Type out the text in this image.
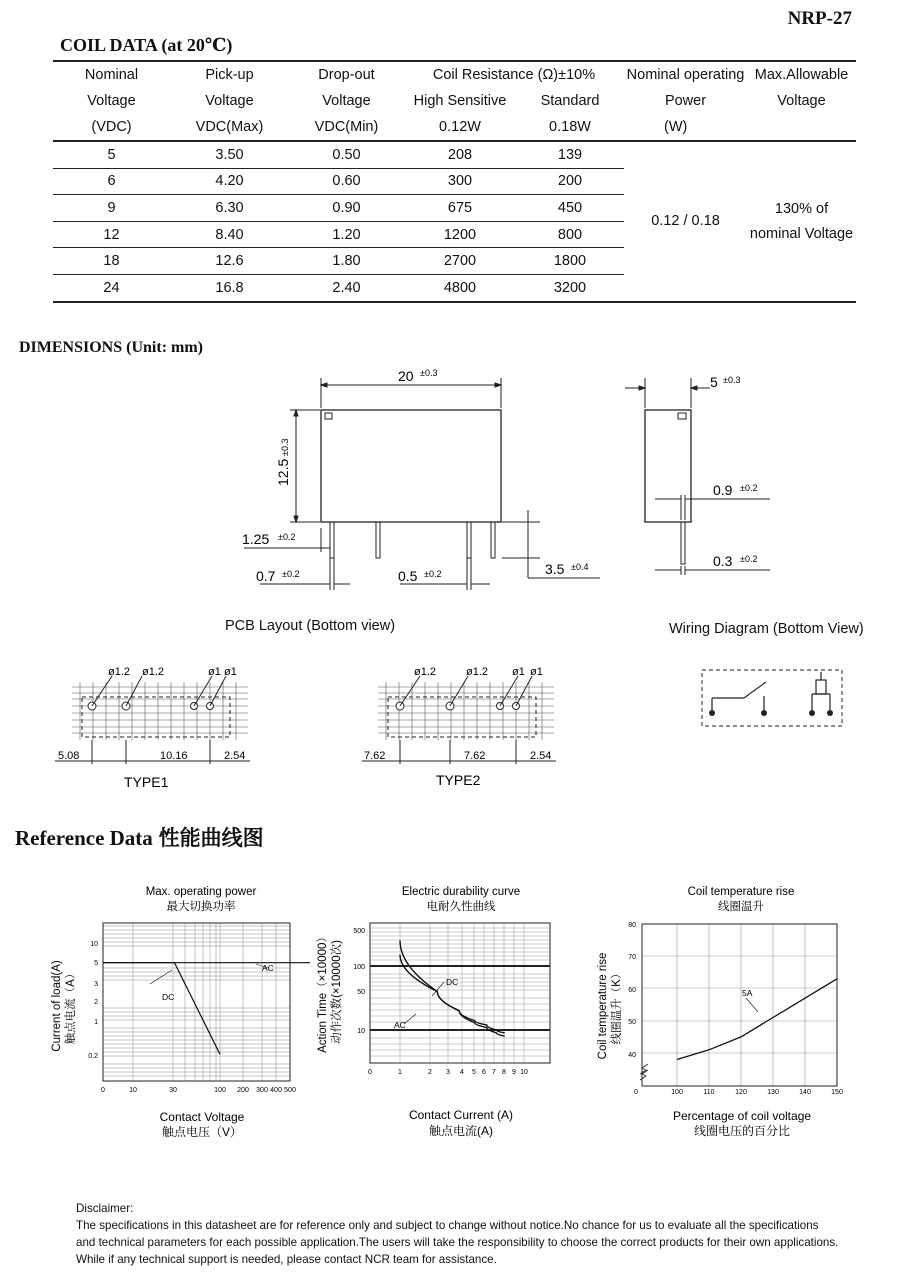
NRP-27
COIL DATA (at 20℃)
Nominal	Pick-up	Drop-out	Coil Resistance (Ω)±10%		Nominal operating	Max.Allowable
Voltage	Voltage	Voltage	High Sensitive	Standard	Power	Voltage
(VDC)	VDC(Max)	VDC(Min)	0.12W	0.18W	(W)	
5	3.50	0.50	208	139	0.12 / 0.18	130% of
nominal Voltage

6	4.20	0.60	300	200		
9	6.30	0.90	675	450		
12	8.40	1.20	1200	800		
18	12.6	1.80	2700	1800		
24	16.8	2.40	4800	3200		
DIMENSIONS (Unit: mm)
20 ±0.3
12.5
±0.3
1.25 ±0.2
0.7 ±0.2	0.5 ±0.2	3.5 ±0.4
5 ±0.3
0.9 ±0.2
0.3 ±0.2
PCB Layout (Bottom view)	Wiring Diagram (Bottom View)
ø1.2 ø1.2	ø1 ø1
5.08	10.16	2.54
TYPE1
ø1.2	ø1.2 ø1 ø1
7.62	7.62	2.54
TYPE2
Reference Data 性能曲线图
Max. operating power
最大切换功率
DC
AC
10
5
3
2
1
0.2
0	10	30	100 200 300 400 500
Current of load(A) 触点电流（A）
Contact Voltage
触点电压（V）
Electric durability curve
电耐久性曲线
DC
AC
500
100
50
10
0	1	2 3 4 5 6 7 8 9 10
Action Time（×10000） 动作次数(×10000次)
Contact Current (A)
触点电流(A)
Coil temperature rise
线圈温升
5A
80
70
60
50
40
0	100	110	120	130	140	150
Coil temperature rise 线圈温升（K）
Percentage of coil voltage
线圈电压的百分比
Disclaimer:
The specifications in this datasheet are for reference only and subject to change without notice.No chance for us to evaluate all the specifications
and technical parameters for each possible application.The users will take the responsibility to choose the correct products for their own applications.
While if any technical support is needed, please contact NCR team for assistance.
